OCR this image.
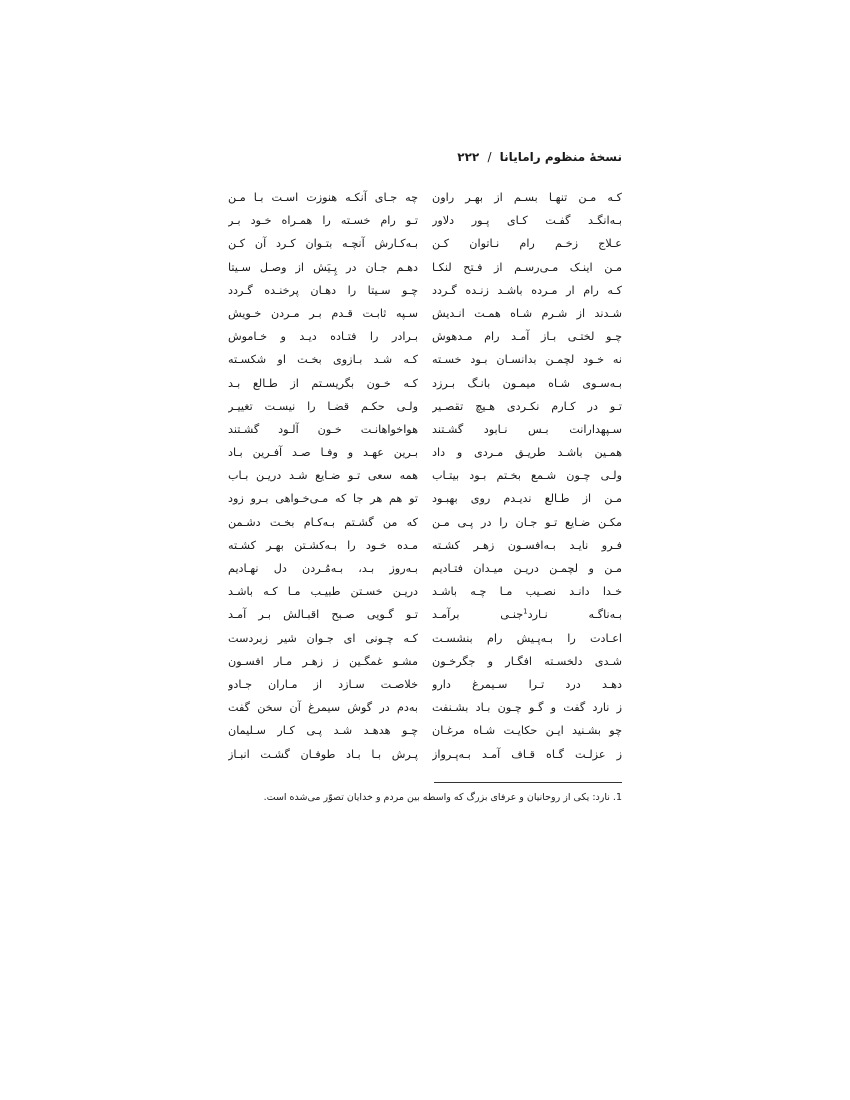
نسخهٔ منظوم رامایانا / ۲۲۲
کـه مـن تنهـا بسـم از بهـر راون
بـه‌انگـد گفـت کـای پـور دلاور
عـلاج زخـم رام نـاتوان کـن
مـن اینـک مـی‌رسـم از فـتح لنکـا
کـه رام ار مـرده باشـد زنـده گـردد
شـدند از شـرم شـاه همـت انـدیش
چـو لختـی بـاز آمـد رام مـدهوش
نه خـود لچمـن بدانسـان بـود خسـته
بـه‌سـوی شـاه میمـون بانـگ بـرزد
تـو در کـارم نکـردی هـیچ تقصـیر
سـپهدارانت بـس نـابود گشـتند
همـین باشـد طریـق مـردی و داد
ولـی چـون شـمع بخـتم بـود بیتـاب
مـن از طـالع ندیـدم روی بهبـود
مکـن ضـایع تـو جـان را در پـی مـن
فـرو نایـد بـه‌افسـون زهـر کشـته
مـن و لچمـن دریـن میـدان فتـادیم
خـدا دانـد نصـیب مـا چـه باشـد
بـه‌ناگـه نـارد$^1$جنـی برآمـد
اعـادت را بـه‌پـیش رام بنشسـت
شـدی دلخسـته افگـار و جگرخـون
دهـد درد تـرا سـیمرغ دارو
ز نارد گفت و گـو چـون بـاد بشـنفت
چو بشـنید ایـن حکایـت شـاه مرغـان
ز عزلـت گـاه قـاف آمـد بـه‌پـرواز
چه جـای آنکـه هنوزت اسـت بـا مـن
تـو رام خسـته را همـراه خـود بـر
بـه‌کـارش آنچـه بتـوان کـرد آن کـن
دهـم جـان در پِـیَش از وصـل سـیتا
چـو سـیتا را دهـان پرخنـده گـردد
سـپه ثابـت قـدم بـر مـردن خـویش
بـرادر را فتـاده دیـد و خـاموش
کـه شـد بـازوی بخـت او شکسـته
کـه خـون بگریسـتم از طـالع بـد
ولـی حکـم قضـا را نیسـت تغییـر
هواخواهانـت خـون آلـود گشـتند
بـرین عهـد و وفـا صـد آفـرین بـاد
همه سعی تـو ضـایع شـد دریـن بـاب
تو هم هر جا که مـی‌خـواهی بـرو زود
که من گشـتم بـه‌کـام بخـت دشـمن
مـده خـود را بـه‌کشـتن بهـر کشـته
بـه‌روز بـد، بـه‌مُـردن دل نهـادیم
دریـن خسـتن طبیـب مـا کـه باشـد
تـو گـویی صـبح اقبـالش بـر آمـد
کـه چـونی ای جـوان شیر زبردست
مشـو غمگـین ز زهـر مـار افسـون
خلاصـت سـازد از مـاران جـادو
به‌دم در گوش سیمرغ آن سخن گفت
چـو هدهـد شـد پـی کـار سـلیمان
پـرش بـا بـاد طوفـان گشـت انبـاز
1. نارد: یکی از روحانیان و عرفای بزرگ که واسطه بین مردم و خدایان تصوّر می‌شده است.
